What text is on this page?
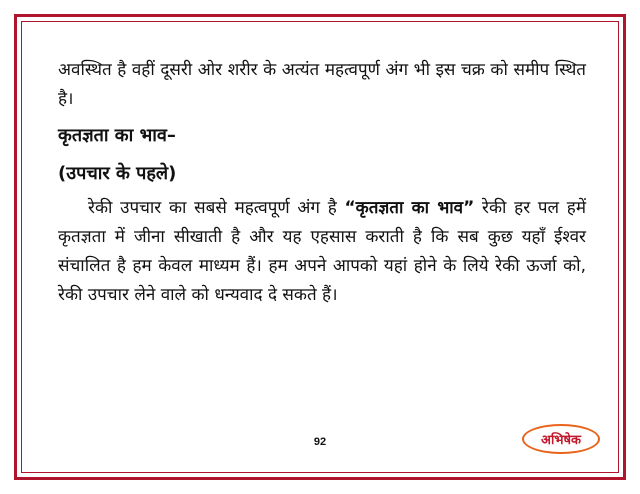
अवस्थित है वहीं दूसरी ओर शरीर के अत्यंत महत्वपूर्ण अंग भी इस चक्र को समीप स्थित है।

कृतज्ञता का भाव–

(उपचार के पहले)

रेकी उपचार का सबसे महत्वपूर्ण अंग है “कृतज्ञता का भाव” रेकी हर पल हमें कृतज्ञता में जीना सीखाती है और यह एहसास कराती है कि सब कुछ यहाँ ईश्वर संचालित है हम केवल माध्यम हैं। हम अपने आपको यहां होने के लिये रेकी ऊर्जा को, रेकी उपचार लेने वाले को धन्यवाद दे सकते हैं।

92	अभिषेक
